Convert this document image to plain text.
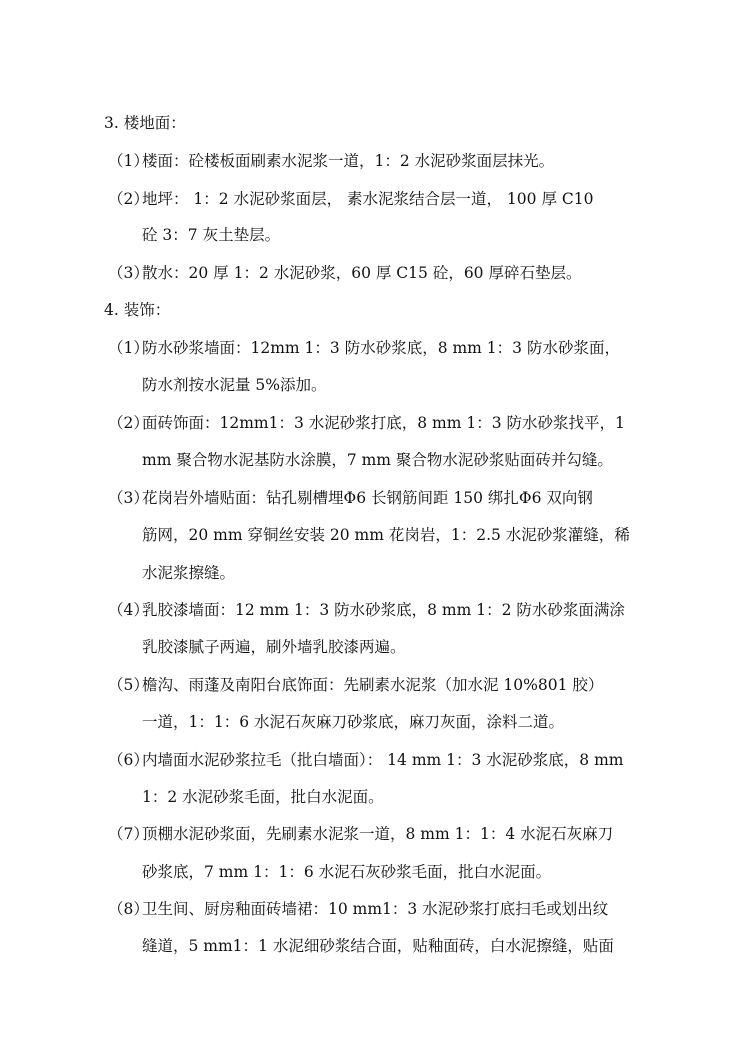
3. 楼地面：
（1）楼面：砼楼板面刷素水泥浆一道，1：2 水泥砂浆面层抹光。
（2）地坪： 1：2 水泥砂浆面层， 素水泥浆结合层一道， 100 厚 C10
砼 3：7 灰土垫层。
（3）散水：20 厚 1：2 水泥砂浆，60 厚 C15 砼，60 厚碎石垫层。
4. 装饰：
（1）防水砂浆墙面：12mm 1：3 防水砂浆底，8 mm 1：3 防水砂浆面，
防水剂按水泥量 5%添加。
（2）面砖饰面：12mm1：3 水泥砂浆打底，8 mm 1：3 防水砂浆找平，1
mm 聚合物水泥基防水涂膜，7 mm 聚合物水泥砂浆贴面砖并勾缝。
（3）花岗岩外墙贴面：钻孔剔槽埋Φ6 长钢筋间距 150 绑扎Φ6 双向钢
筋网，20 mm 穿铜丝安装 20 mm 花岗岩，1：2.5 水泥砂浆灌缝，稀
水泥浆擦缝。
（4）乳胶漆墙面：12 mm 1：3 防水砂浆底，8 mm 1：2 防水砂浆面满涂
乳胶漆腻子两遍，刷外墙乳胶漆两遍。
（5）檐沟、雨蓬及南阳台底饰面：先刷素水泥浆（加水泥 10%801 胶）
一道，1：1：6 水泥石灰麻刀砂浆底，麻刀灰面，涂料二道。
（6）内墙面水泥砂浆拉毛（批白墙面）： 14 mm 1：3 水泥砂浆底，8 mm
1：2 水泥砂浆毛面，批白水泥面。
（7）顶棚水泥砂浆面，先刷素水泥浆一道，8 mm 1：1：4 水泥石灰麻刀
砂浆底，7 mm 1：1：6 水泥石灰砂浆毛面，批白水泥面。
（8）卫生间、厨房釉面砖墙裙：10 mm1：3 水泥砂浆打底扫毛或划出纹
缝道，5 mm1：1 水泥细砂浆结合面，贴釉面砖，白水泥擦缝，贴面
